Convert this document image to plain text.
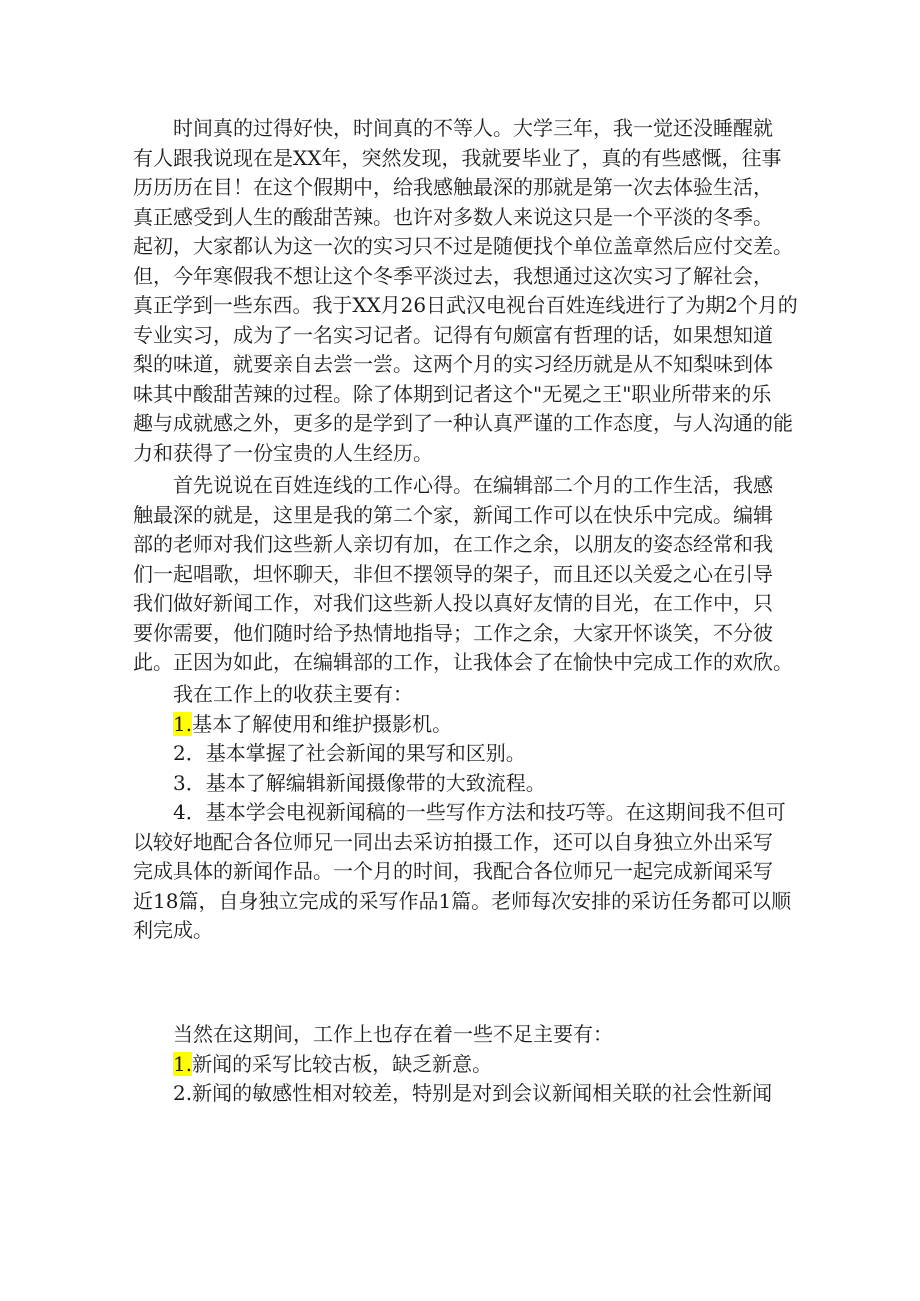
　　时间真的过得好快，时间真的不等人。大学三年，我一觉还没睡醒就
有人跟我说现在是XX年，突然发现，我就要毕业了，真的有些感慨，往事
历历历在目！在这个假期中，给我感触最深的那就是第一次去体验生活，
真正感受到人生的酸甜苦辣。也许对多数人来说这只是一个平淡的冬季。
起初，大家都认为这一次的实习只不过是随便找个单位盖章然后应付交差。
但，今年寒假我不想让这个冬季平淡过去，我想通过这次实习了解社会，
真正学到一些东西。我于XX月26日武汉电视台百姓连线进行了为期2个月的
专业实习，成为了一名实习记者。记得有句颇富有哲理的话，如果想知道
梨的味道，就要亲自去尝一尝。这两个月的实习经历就是从不知梨味到体
味其中酸甜苦辣的过程。除了体期到记者这个"无冕之王"职业所带来的乐
趣与成就感之外，更多的是学到了一种认真严谨的工作态度，与人沟通的能
力和获得了一份宝贵的人生经历。
　　首先说说在百姓连线的工作心得。在编辑部二个月的工作生活，我感
触最深的就是，这里是我的第二个家，新闻工作可以在快乐中完成。编辑
部的老师对我们这些新人亲切有加，在工作之余，以朋友的姿态经常和我
们一起唱歌，坦怀聊天，非但不摆领导的架子，而且还以关爱之心在引导
我们做好新闻工作，对我们这些新人投以真好友情的目光，在工作中，只
要你需要，他们随时给予热情地指导；工作之余，大家开怀谈笑，不分彼
此。正因为如此，在编辑部的工作，让我体会了在愉快中完成工作的欢欣。
　　我在工作上的收获主要有：
　　1.基本了解使用和维护摄影机。
　　2．基本掌握了社会新闻的果写和区别。
　　3．基本了解编辑新闻摄像带的大致流程。
　　4．基本学会电视新闻稿的一些写作方法和技巧等。在这期间我不但可
以较好地配合各位师兄一同出去采访拍摄工作，还可以自身独立外出采写
完成具体的新闻作品。一个月的时间，我配合各位师兄一起完成新闻采写
近18篇，自身独立完成的采写作品1篇。老师每次安排的采访任务都可以顺
利完成。
　　当然在这期间，工作上也存在着一些不足主要有：
　　1.新闻的采写比较古板，缺乏新意。
　　2.新闻的敏感性相对较差，特别是对到会议新闻相关联的社会性新闻
